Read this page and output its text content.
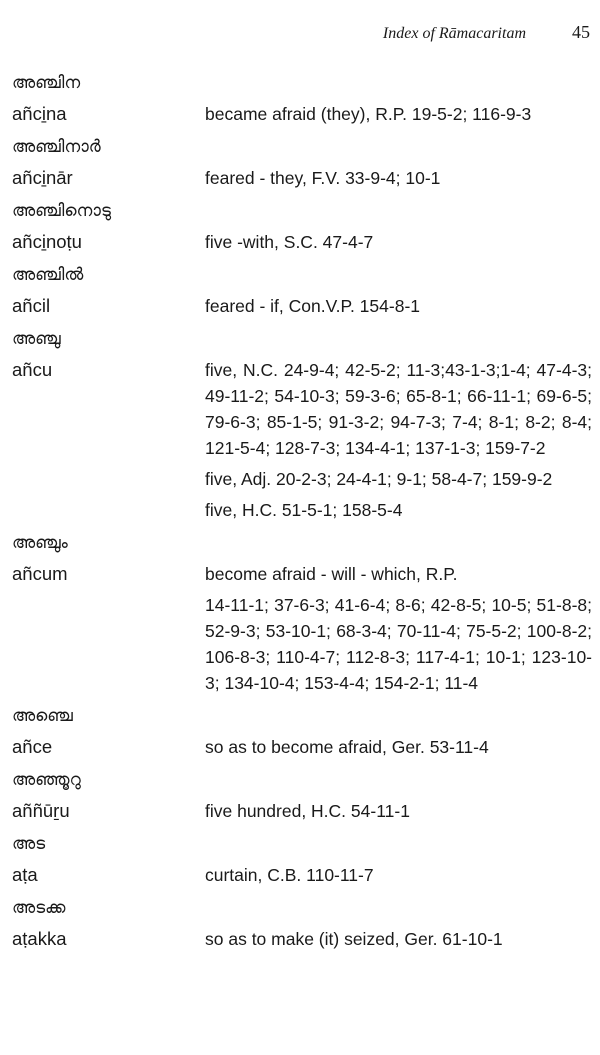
Index of Rāmacaritam	45
അഞ്ചിന
añci̱na	became afraid (they), R.P. 19-5-2; 116-9-3
അഞ്ചിനാർ
añci̱nār	feared - they, F.V. 33-9-4; 10-1
അഞ്ചിനൊടു
añci̱noṭu	five -with, S.C. 47-4-7
അഞ്ചിൽ
añcil	feared - if, Con.V.P. 154-8-1
അഞ്ചു
añcu	five, N.C. 24-9-4; 42-5-2; 11-3;43-1-3;1-4; 47-4-3; 49-11-2; 54-10-3; 59-3-6; 65-8-1; 66-11-1; 69-6-5; 79-6-3; 85-1-5; 91-3-2; 94-7-3; 7-4; 8-1; 8-2; 8-4; 121-5-4; 128-7-3; 134-4-1; 137-1-3; 159-7-2
five, Adj. 20-2-3; 24-4-1; 9-1; 58-4-7; 159-9-2
five, H.C. 51-5-1; 158-5-4
അഞ്ചും
añcum	become afraid - will - which, R.P.
14-11-1; 37-6-3; 41-6-4; 8-6; 42-8-5; 10-5; 51-8-8; 52-9-3; 53-10-1; 68-3-4; 70-11-4; 75-5-2; 100-8-2; 106-8-3; 110-4-7; 112-8-3; 117-4-1; 10-1; 123-10-3; 134-10-4; 153-4-4; 154-2-1; 11-4
അഞ്ചെ
añce	so as to become afraid, Ger. 53-11-4
അഞ്ഞൂറു
aññūṟu	five hundred, H.C. 54-11-1
അട
aṭa	curtain, C.B. 110-11-7
അടക്ക
aṭakka	so as to make (it) seized, Ger. 61-10-1
